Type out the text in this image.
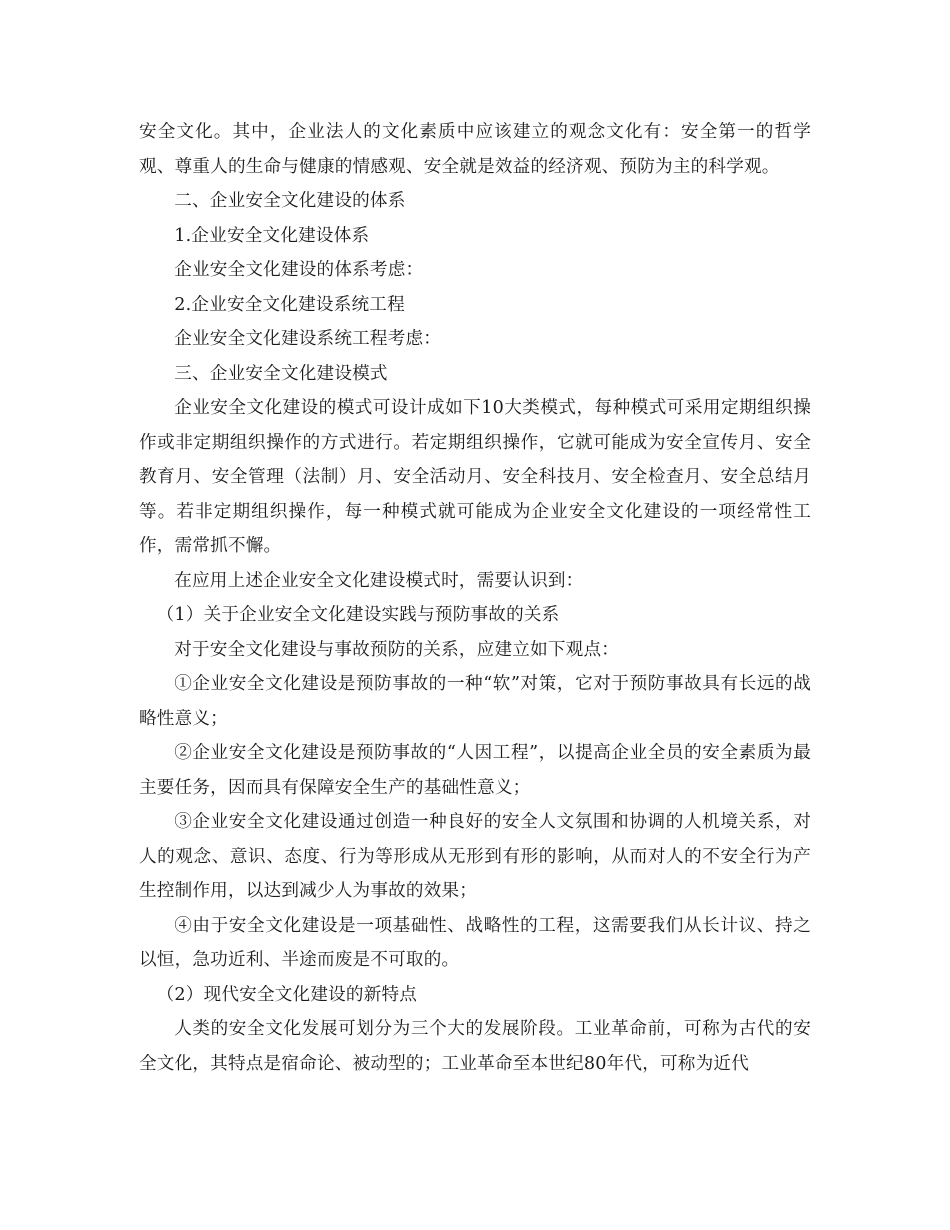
安全文化。其中，企业法人的文化素质中应该建立的观念文化有：安全第一的哲学观、尊重人的生命与健康的情感观、安全就是效益的经济观、预防为主的科学观。

二、企业安全文化建设的体系

1.企业安全文化建设体系

企业安全文化建设的体系考虑：

2.企业安全文化建设系统工程

企业安全文化建设系统工程考虑：

三、企业安全文化建设模式

企业安全文化建设的模式可设计成如下10大类模式，每种模式可采用定期组织操作或非定期组织操作的方式进行。若定期组织操作，它就可能成为安全宣传月、安全教育月、安全管理（法制）月、安全活动月、安全科技月、安全检查月、安全总结月等。若非定期组织操作，每一种模式就可能成为企业安全文化建设的一项经常性工作，需常抓不懈。

在应用上述企业安全文化建设模式时，需要认识到：

（1）关于企业安全文化建设实践与预防事故的关系

对于安全文化建设与事故预防的关系，应建立如下观点：

①企业安全文化建设是预防事故的一种“软”对策，它对于预防事故具有长远的战略性意义；

②企业安全文化建设是预防事故的“人因工程”，以提高企业全员的安全素质为最主要任务，因而具有保障安全生产的基础性意义；

③企业安全文化建设通过创造一种良好的安全人文氛围和协调的人机境关系，对人的观念、意识、态度、行为等形成从无形到有形的影响，从而对人的不安全行为产生控制作用，以达到减少人为事故的效果；

④由于安全文化建设是一项基础性、战略性的工程，这需要我们从长计议、持之以恒，急功近利、半途而废是不可取的。

（2）现代安全文化建设的新特点

人类的安全文化发展可划分为三个大的发展阶段。工业革命前，可称为古代的安全文化，其特点是宿命论、被动型的；工业革命至本世纪80年代，可称为近代
